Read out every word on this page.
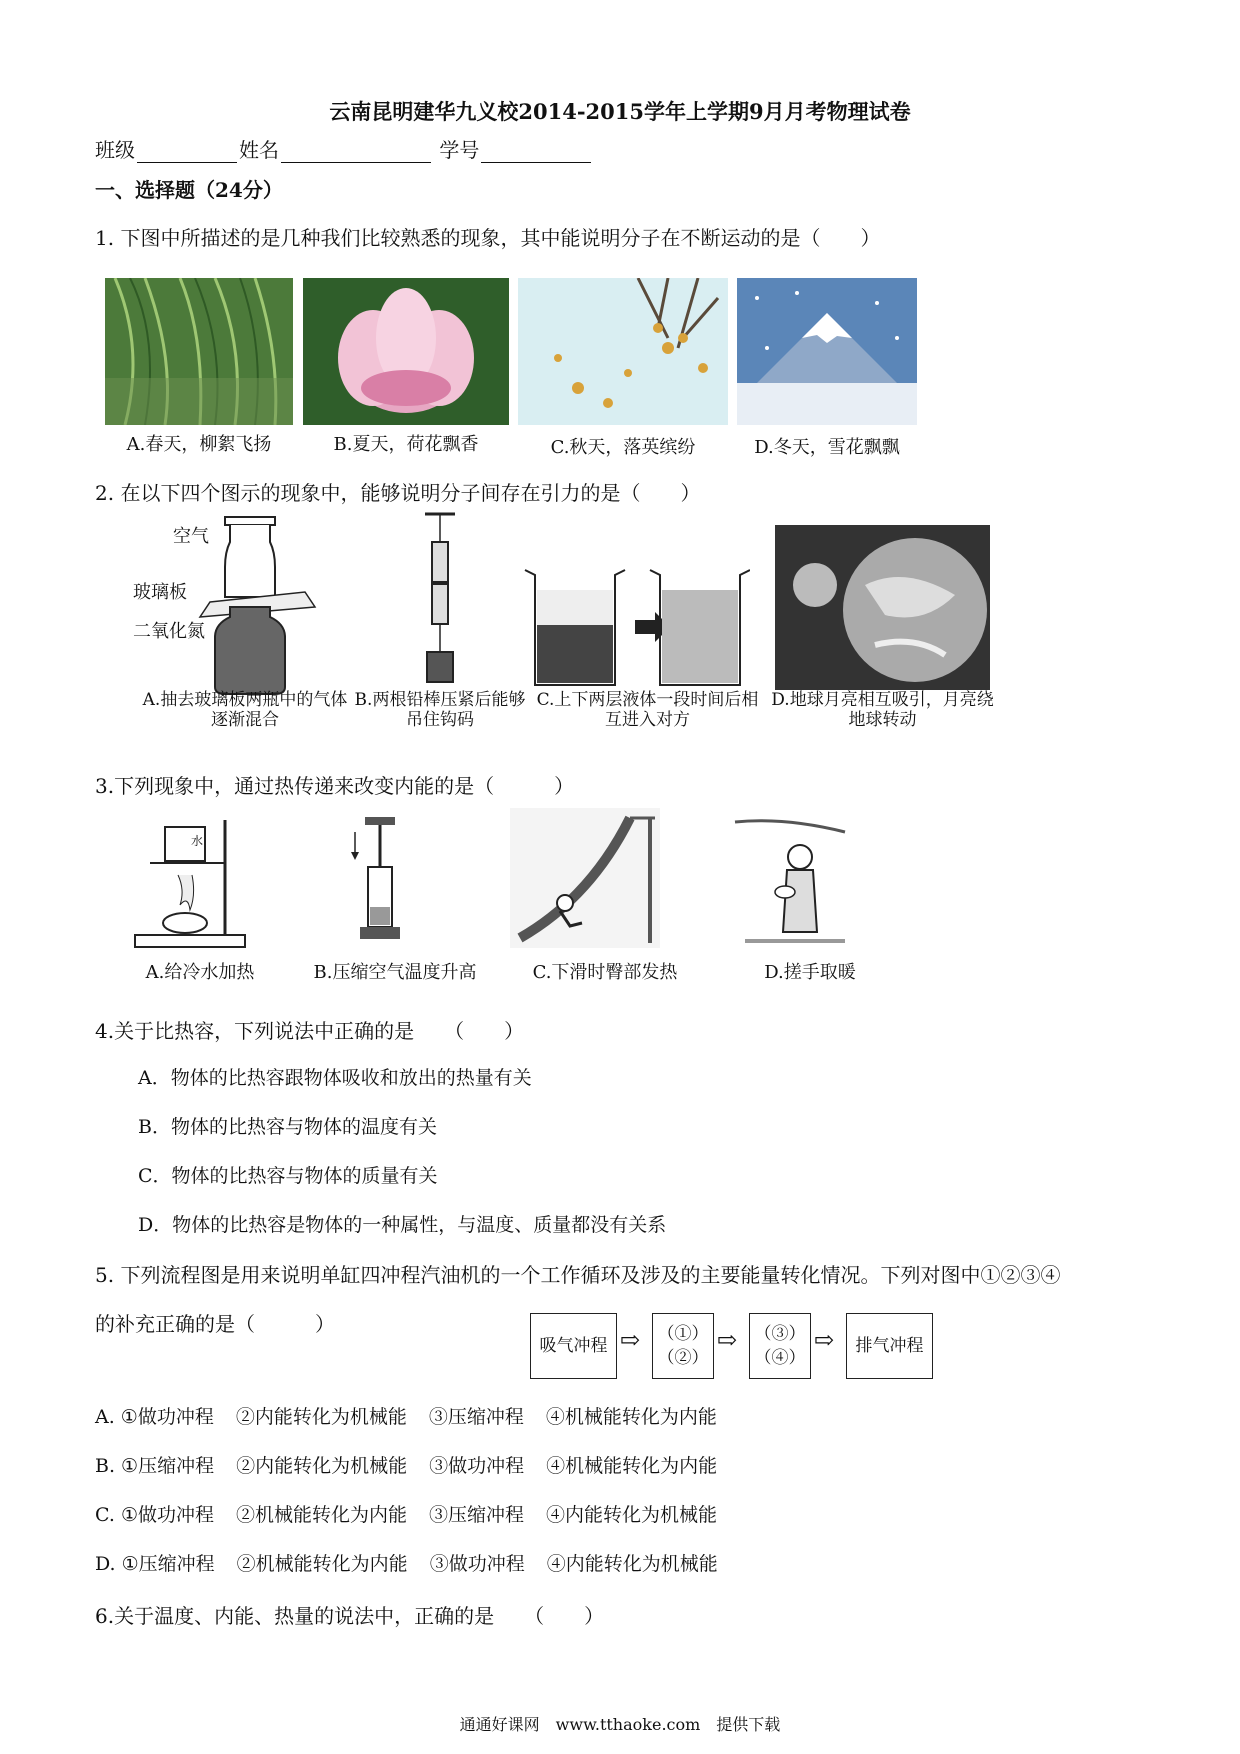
云南昆明建华九义校2014-2015学年上学期9月月考物理试卷
班级	姓名	学号
一、选择题（24分）
1. 下图中所描述的是几种我们比较熟悉的现象，其中能说明分子在不断运动的是（　　）
A.春天，柳絮飞扬	B.夏天，荷花飘香	C.秋天，落英缤纷	D.冬天，雪花飘飘
2. 在以下四个图示的现象中，能够说明分子间存在引力的是（　　）
空气
玻璃板
二氧化氮
A.抽去玻璃板两瓶中的气体逐渐混合
B.两根铅棒压紧后能够吊住钩码
C.上下两层液体一段时间后相互进入对方
D.地球月亮相互吸引，月亮绕地球转动
3.下列现象中，通过热传递来改变内能的是（　　　）
水
A.给冷水加热	B.压缩空气温度升高	C.下滑时臀部发热	D.搓手取暖
4.关于比热容，下列说法中正确的是　　（　　）
A．物体的比热容跟物体吸收和放出的热量有关
B．物体的比热容与物体的温度有关
C．物体的比热容与物体的质量有关
D．物体的比热容是物体的一种属性，与温度、质量都没有关系
5. 下列流程图是用来说明单缸四冲程汽油机的一个工作循环及涉及的主要能量转化情况。下列对图中①②③④
的补充正确的是（　　　）
吸气冲程 ⇨ （①）
（②）
⇨ （③）
（④）
⇨ 排气冲程
A. ①做功冲程 ②内能转化为机械能 ③压缩冲程 ④机械能转化为内能
B. ①压缩冲程 ②内能转化为机械能 ③做功冲程 ④机械能转化为内能
C. ①做功冲程 ②机械能转化为内能 ③压缩冲程 ④内能转化为机械能
D. ①压缩冲程 ②机械能转化为内能 ③做功冲程 ④内能转化为机械能
6.关于温度、内能、热量的说法中，正确的是　　（　　）
通通好课网　www.tthaoke.com　提供下载
